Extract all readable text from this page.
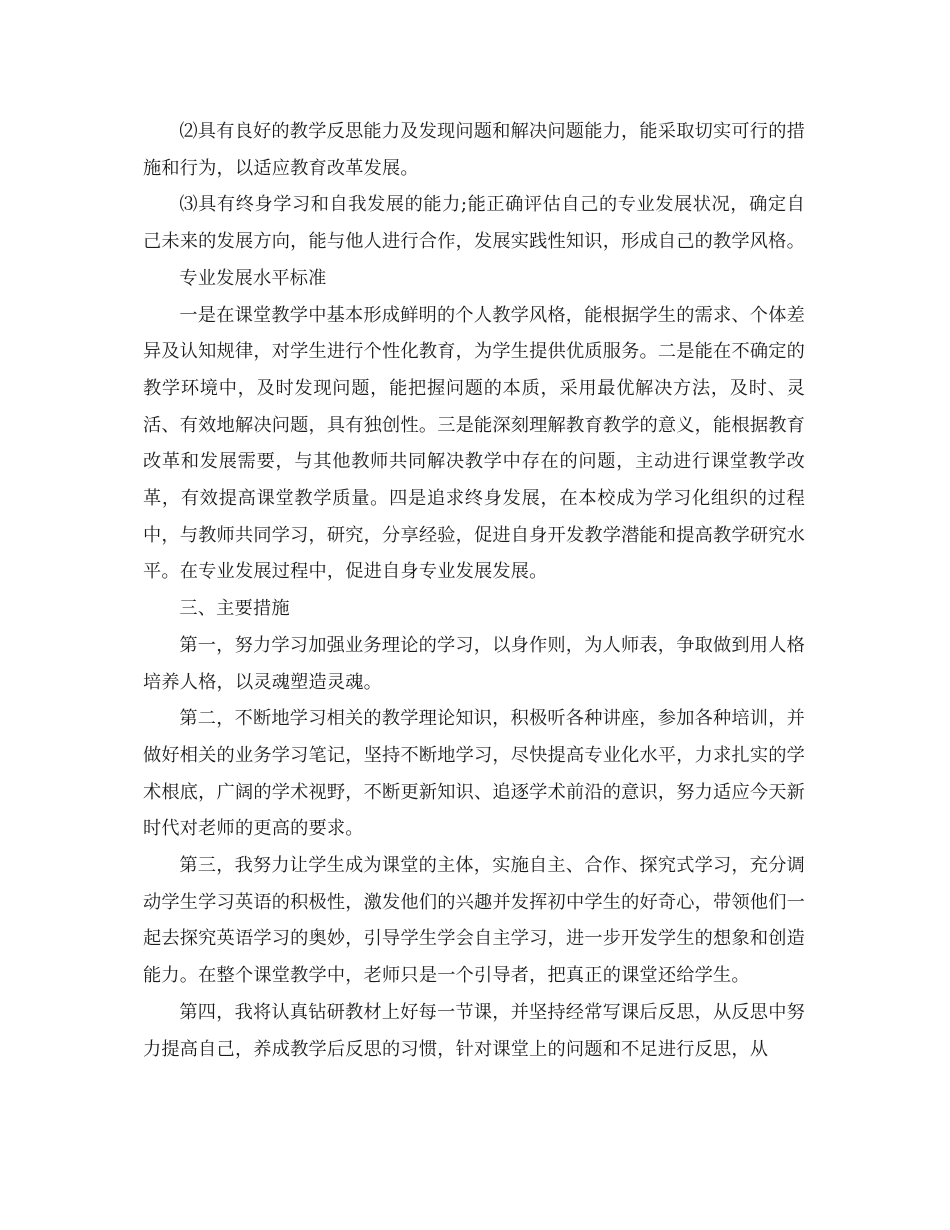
⑵具有良好的教学反思能力及发现问题和解决问题能力，能采取切实可行的措施和行为，以适应教育改革发展。

⑶具有终身学习和自我发展的能力;能正确评估自己的专业发展状况，确定自己未来的发展方向，能与他人进行合作，发展实践性知识，形成自己的教学风格。

专业发展水平标准

一是在课堂教学中基本形成鲜明的个人教学风格，能根据学生的需求、个体差异及认知规律，对学生进行个性化教育，为学生提供优质服务。二是能在不确定的教学环境中，及时发现问题，能把握问题的本质，采用最优解决方法，及时、灵活、有效地解决问题，具有独创性。三是能深刻理解教育教学的意义，能根据教育改革和发展需要，与其他教师共同解决教学中存在的问题，主动进行课堂教学改革，有效提高课堂教学质量。四是追求终身发展，在本校成为学习化组织的过程中，与教师共同学习，研究，分享经验，促进自身开发教学潜能和提高教学研究水平。在专业发展过程中，促进自身专业发展发展。

三、主要措施

第一，努力学习加强业务理论的学习，以身作则，为人师表，争取做到用人格培养人格，以灵魂塑造灵魂。

第二，不断地学习相关的教学理论知识，积极听各种讲座，参加各种培训，并做好相关的业务学习笔记，坚持不断地学习，尽快提高专业化水平，力求扎实的学术根底，广阔的学术视野，不断更新知识、追逐学术前沿的意识，努力适应今天新时代对老师的更高的要求。

第三，我努力让学生成为课堂的主体，实施自主、合作、探究式学习，充分调动学生学习英语的积极性，激发他们的兴趣并发挥初中学生的好奇心，带领他们一起去探究英语学习的奥妙，引导学生学会自主学习，进一步开发学生的想象和创造能力。在整个课堂教学中，老师只是一个引导者，把真正的课堂还给学生。

第四，我将认真钻研教材上好每一节课，并坚持经常写课后反思，从反思中努力提高自己，养成教学后反思的习惯，针对课堂上的问题和不足进行反思，从
